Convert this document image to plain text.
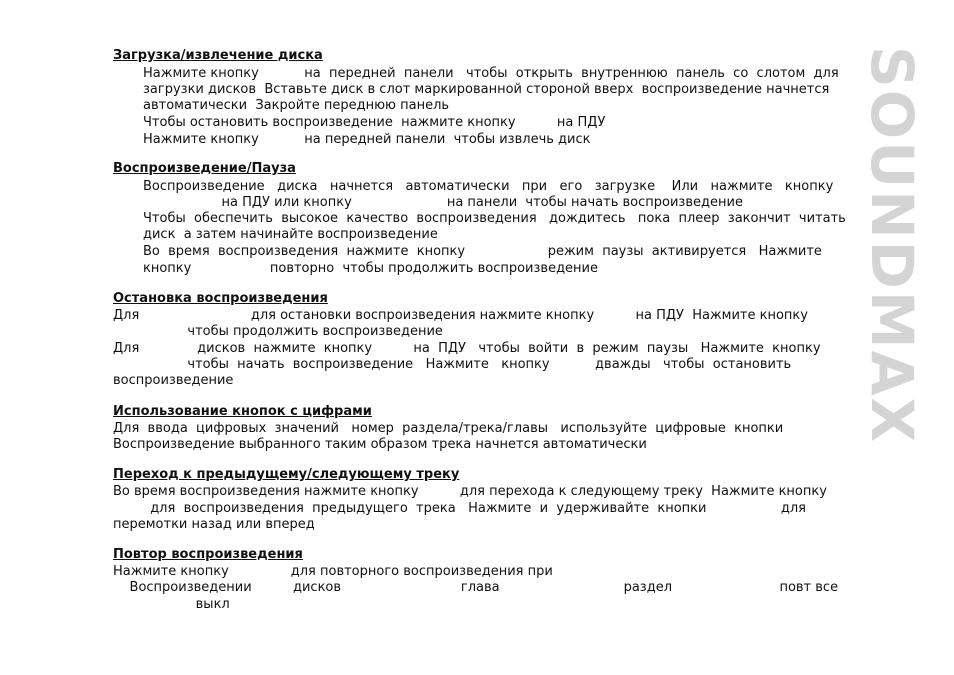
SOUNDMAX
Загрузка/извлечение диска
Нажмите кнопку           на  передней  панели   чтобы  открыть  внутреннюю  панель  со  слотом  для
загрузки дисков  Вставьте диск в слот маркированной стороной вверх  воспроизведение начнется
автоматически  Закройте переднюю панель
Чтобы остановить воспроизведение  нажмите кнопку          на ПДУ
Нажмите кнопку           на передней панели  чтобы извлечь диск
Воспроизведение/Пауза
Воспроизведение   диска   начнется   автоматически   при   его   загрузке    Или   нажмите   кнопку
на ПДУ или кнопку                       на панели  чтобы начать воспроизведение
Чтобы  обеспечить  высокое  качество  воспроизведения   дождитесь   пока  плеер  закончит  читать
диск  а затем начинайте воспроизведение
Во  время  воспроизведения  нажмите  кнопку                    режим  паузы  активируется   Нажмите
кнопку                   повторно  чтобы продолжить воспроизведение
Остановка воспроизведения
Для                           для остановки воспроизведения нажмите кнопку          на ПДУ  Нажмите кнопку
чтобы продолжить воспроизведение
Для              дисков  нажмите  кнопку          на  ПДУ   чтобы  войти  в  режим  паузы   Нажмите  кнопку
чтобы  начать  воспроизведение   Нажмите   кнопку           дважды   чтобы  остановить
воспроизведение
Использование кнопок с цифрами
Для  ввода  цифровых  значений   номер  раздела/трека/главы   используйте  цифровые  кнопки
Воспроизведение выбранного таким образом трека начнется автоматически
Переход к предыдущему/следующему треку
Во время воспроизведения нажмите кнопку          для перехода к следующему треку  Нажмите кнопку
для  воспроизведения  предыдущего  трека   Нажмите  и  удерживайте  кнопки                  для
перемотки назад или вперед
Повтор воспроизведения
Нажмите кнопку               для повторного воспроизведения при
Воспроизведении          дисков                             глава                              раздел                          повт все
выкл
